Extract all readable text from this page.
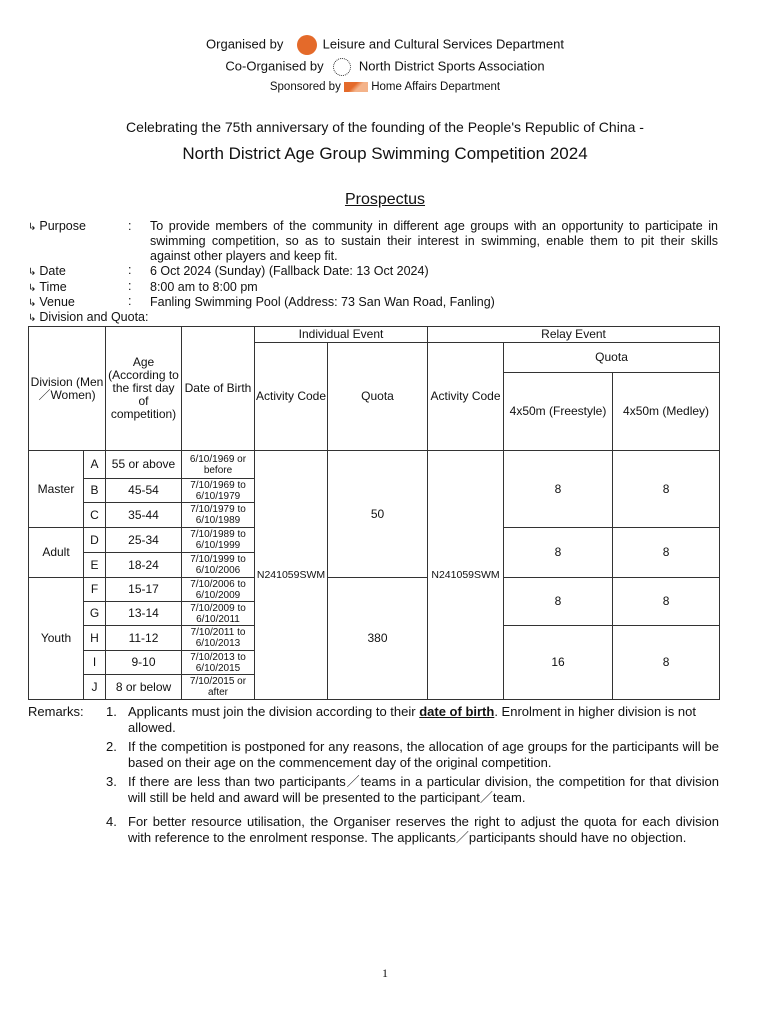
Organised by	Leisure and Cultural Services Department
Co-Organised by	North District Sports Association
Sponsored by	Home Affairs Department
Celebrating the 75th anniversary of the founding of the People's Republic of China -
North District Age Group Swimming Competition 2024
Prospectus
↳ Purpose	: To provide members of the community in different age groups with an opportunity to participate in swimming competition, so as to sustain their interest in swimming, enable them to pit their skills against other players and keep fit.
↳ Date	: 6 Oct 2024 (Sunday) (Fallback Date: 13 Oct 2024)
↳ Time	: 8:00 am to 8:00 pm
↳ Venue	: Fanling Swimming Pool (Address: 73 San Wan Road, Fanling)
↳ Division and Quota:
Division (Men／Women)		Age (According to the first day of competition)	Date of Birth	Individual Event		Relay Event		
				Activity Code	Quota	Activity Code	Quota	
							4x50m (Freestyle)	4x50m (Medley)
Master	A	55 or above	6/10/1969 or before	N241059SWM	50	N241059SWM	8	8
	B	45-54	7/10/1969 to 6/10/1979					
	C	35-44	7/10/1979 to 6/10/1989					
Adult	D	25-34	7/10/1989 to 6/10/1999				8	8
	E	18-24	7/10/1999 to 6/10/2006					
Youth	F	15-17	7/10/2006 to 6/10/2009		380		8	8
	G	13-14	7/10/2009 to 6/10/2011					
	H	11-12	7/10/2011 to 6/10/2013				16	8
	I	9-10	7/10/2013 to 6/10/2015					
	J	8 or below	7/10/2015 or after					
Remarks: 1. Applicants must join the division according to their date of birth. Enrolment in higher division is not allowed.
2. If the competition is postponed for any reasons, the allocation of age groups for the participants will be based on their age on the commencement day of the original competition.
3. If there are less than two participants／teams in a particular division, the competition for that division will still be held and award will be presented to the participant／team.
4. For better resource utilisation, the Organiser reserves the right to adjust the quota for each division with reference to the enrolment response. The applicants／participants should have no objection.
1
